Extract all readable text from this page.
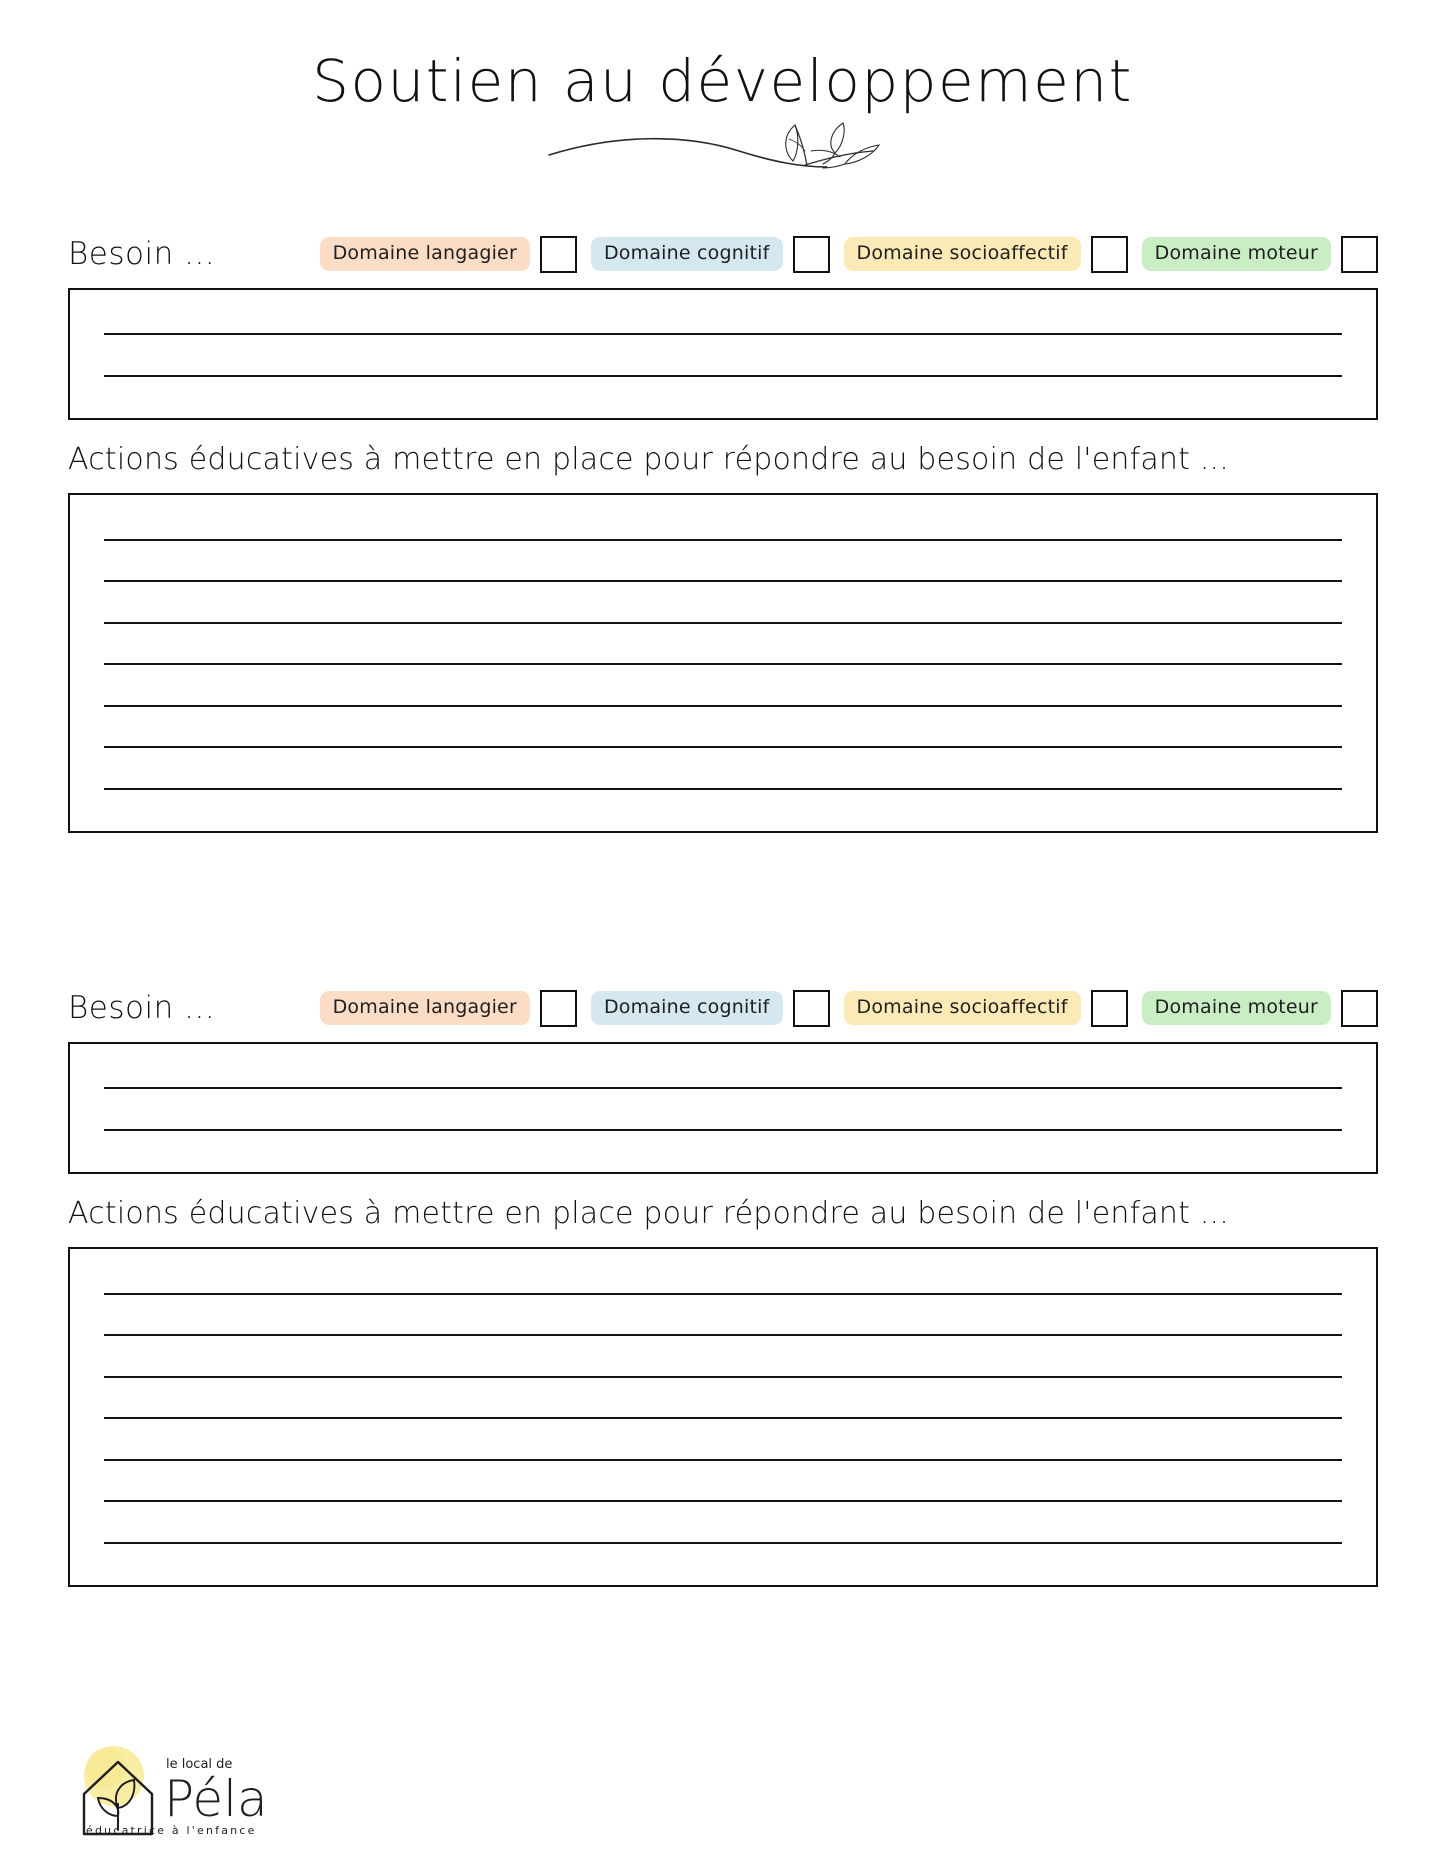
Soutien au développement
Besoin ...	Domaine langagier	Domaine cognitif	Domaine socioaffectif	Domaine moteur
Actions éducatives à mettre en place pour répondre au besoin de l'enfant ...
Besoin ...	Domaine langagier	Domaine cognitif	Domaine socioaffectif	Domaine moteur
Actions éducatives à mettre en place pour répondre au besoin de l'enfant ...
le local de
Péla
éducatrice à l'enfance
